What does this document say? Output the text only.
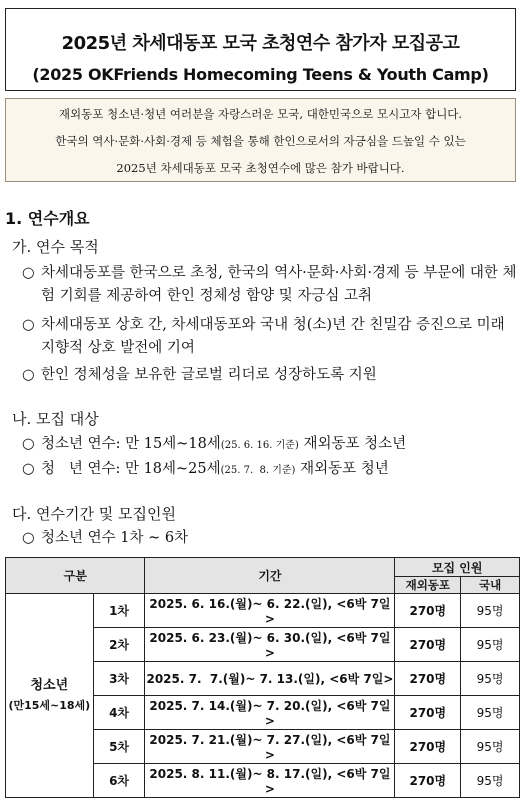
2025년 차세대동포 모국 초청연수 참가자 모집공고
(2025 OKFriends Homecoming Teens & Youth Camp)
재외동포 청소년·청년 여러분을 자랑스러운 모국, 대한민국으로 모시고자 합니다.
한국의 역사·문화·사회·경제 등 체험을 통해 한인으로서의 자긍심을 드높일 수 있는
2025년 차세대동포 모국 초청연수에 많은 참가 바랍니다.
1. 연수개요
가. 연수 목적
○ 차세대동포를 한국으로 초청, 한국의 역사·문화·사회·경제 등 부문에 대한 체험 기회를 제공하여 한인 정체성 함양 및 자긍심 고취
○ 차세대동포 상호 간, 차세대동포와 국내 청(소)년 간 친밀감 증진으로 미래 지향적 상호 발전에 기여
○ 한인 정체성을 보유한 글로벌 리더로 성장하도록 지원
나. 모집 대상
○ 청소년 연수: 만 15세~18세(25. 6. 16. 기준) 재외동포 청소년
○ 청   년 연수: 만 18세~25세(25. 7.  8. 기준) 재외동포 청년
다. 연수기간 및 모집인원
○ 청소년 연수 1차 ~ 6차
구분		기간	모집 인원	
			재외동포	국내

청소년
(만15세~18세)	1차	2025. 6. 16.(월)~ 6. 22.(일), <6박 7일>	270명	95명
	2차	2025. 6. 23.(월)~ 6. 30.(일), <6박 7일>	270명	95명
	3차	2025. 7.  7.(월)~ 7. 13.(일), <6박 7일>	270명	95명
	4차	2025. 7. 14.(월)~ 7. 20.(일), <6박 7일>	270명	95명
	5차	2025. 7. 21.(월)~ 7. 27.(일), <6박 7일>	270명	95명
	6차	2025. 8. 11.(월)~ 8. 17.(일), <6박 7일>	270명	95명
